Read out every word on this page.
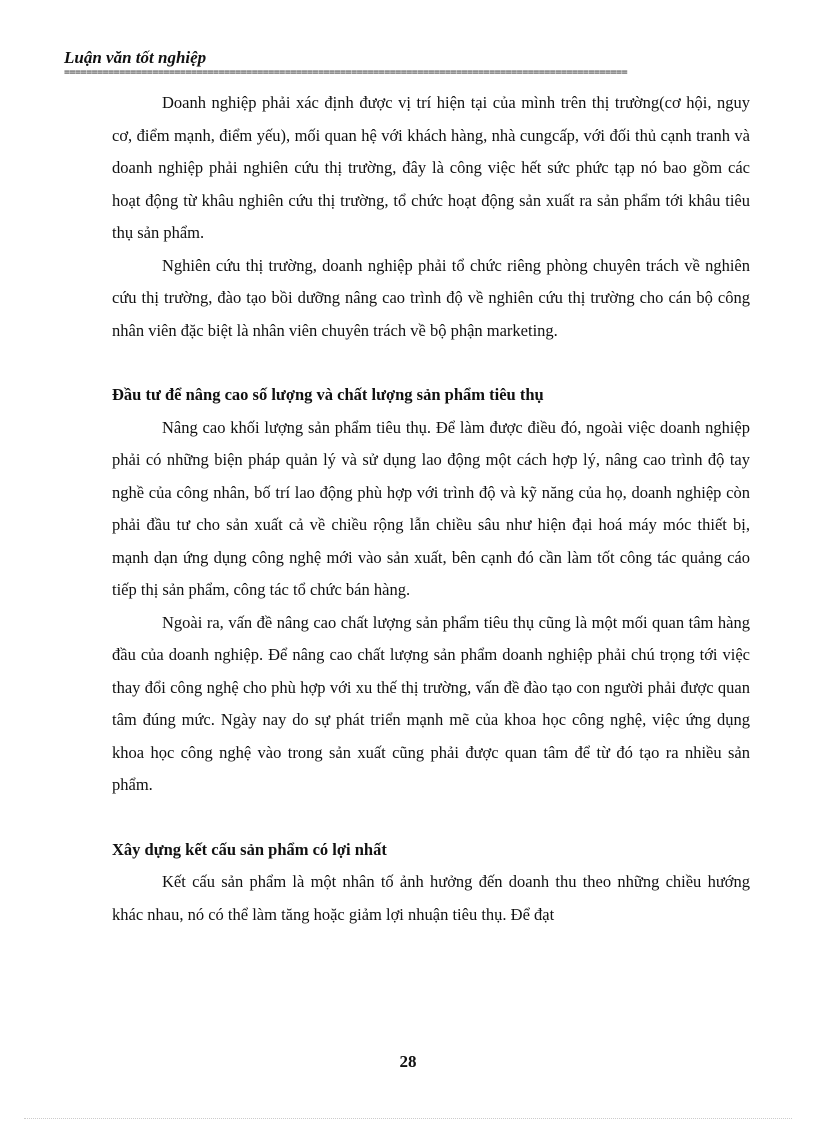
Luận văn tốt nghiệp
======================================================================================================

Doanh nghiệp phải xác định được vị trí hiện tại của mình trên thị trường(cơ hội, nguy cơ, điểm mạnh, điểm yếu), mối quan hệ với khách hàng, nhà cungcấp, với đối thủ cạnh tranh và doanh nghiệp phải nghiên cứu thị trường, đây là công việc hết sức phức tạp nó bao gồm các hoạt động từ khâu nghiên cứu thị trường, tổ chức hoạt động sản xuất ra sản phẩm tới khâu tiêu thụ sản phẩm.

Nghiên cứu thị trường, doanh nghiệp phải tổ chức riêng phòng chuyên trách về nghiên cứu thị trường, đào tạo bồi dưỡng nâng cao trình độ về nghiên cứu thị trường cho cán bộ công nhân viên đặc biệt là nhân viên chuyên trách về bộ phận marketing.

Đầu tư để nâng cao số lượng và chất lượng sản phẩm tiêu thụ

Nâng cao khối lượng sản phẩm tiêu thụ. Để làm được điều đó, ngoài việc doanh nghiệp phải có những biện pháp quản lý và sử dụng lao động một cách hợp lý, nâng cao trình độ tay nghề của công nhân, bố trí lao động phù hợp với trình độ và kỹ năng của họ, doanh nghiệp còn phải đầu tư cho sản xuất cả về chiều rộng lẫn chiều sâu như hiện đại hoá máy móc thiết bị, mạnh dạn ứng dụng công nghệ mới vào sản xuất, bên cạnh đó cần làm tốt công tác quảng cáo tiếp thị sản phẩm, công tác tổ chức bán hàng.

Ngoài ra, vấn đề nâng cao chất lượng sản phẩm tiêu thụ cũng là một mối quan tâm hàng đầu của doanh nghiệp. Để nâng cao chất lượng sản phẩm doanh nghiệp phải chú trọng tới việc thay đổi công nghệ cho phù hợp với xu thế thị trường, vấn đề đào tạo con người phải được quan tâm đúng mức. Ngày nay do sự phát triển mạnh mẽ của khoa học công nghệ, việc ứng dụng khoa học công nghệ vào trong sản xuất cũng phải được quan tâm để từ đó tạo ra nhiều sản phẩm.

Xây dựng kết cấu sản phẩm có lợi nhất

Kết cấu sản phẩm là một nhân tố ảnh hưởng đến doanh thu theo những chiều hướng khác nhau, nó có thể làm tăng hoặc giảm lợi nhuận tiêu thụ. Để đạt

28
